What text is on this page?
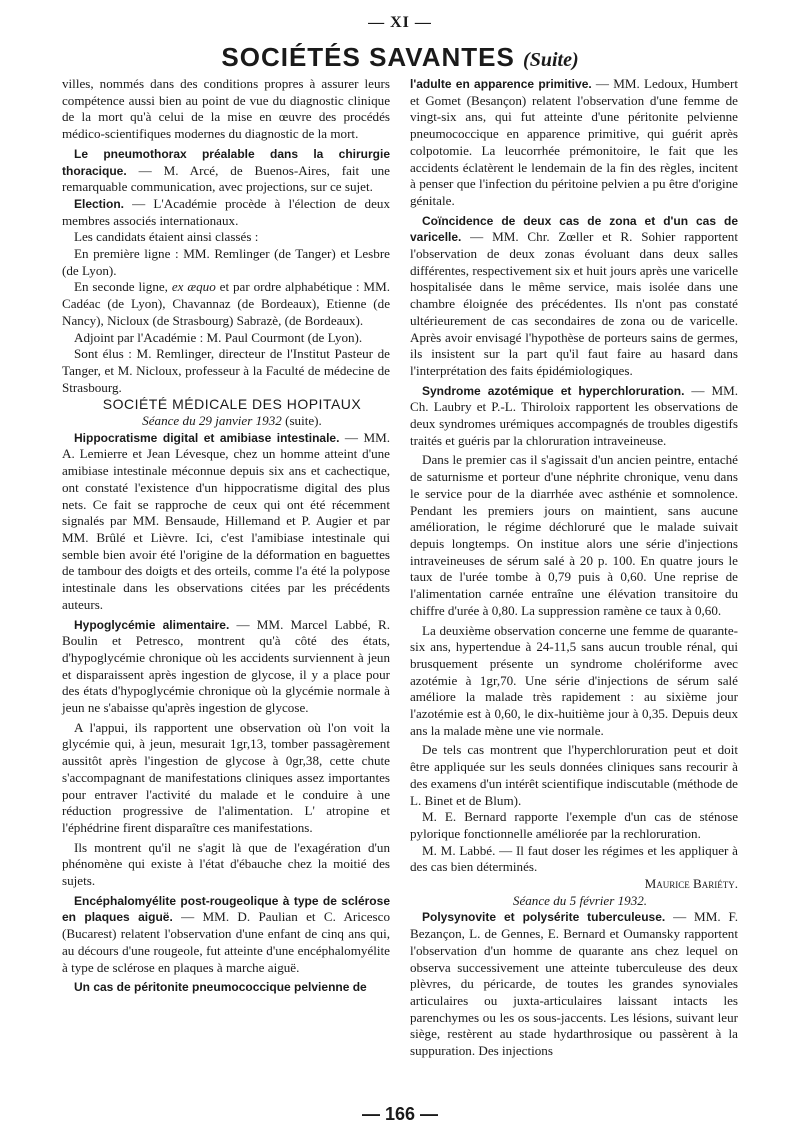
— XI —
SOCIÉTÉS SAVANTES (Suite)

villes, nommés dans des conditions propres à assurer leurs compétence aussi bien au point de vue du diagnostic clinique de la mort qu'à celui de la mise en œuvre des procédés médico-scientifiques modernes du diagnostic de la mort.

Le pneumothorax préalable dans la chirurgie thoracique. — M. Arcé, de Buenos-Aires, fait une remarquable communication, avec projections, sur ce sujet.

Election. — L'Académie procède à l'élection de deux membres associés internationaux.

Les candidats étaient ainsi classés :

En première ligne : MM. Remlinger (de Tanger) et Lesbre (de Lyon).

En seconde ligne, ex æquo et par ordre alphabétique : MM. Cadéac (de Lyon), Chavannaz (de Bordeaux), Etienne (de Nancy), Nicloux (de Strasbourg) Sabrazè, (de Bordeaux).

Adjoint par l'Académie : M. Paul Courmont (de Lyon).

Sont élus : M. Remlinger, directeur de l'Institut Pasteur de Tanger, et M. Nicloux, professeur à la Faculté de médecine de Strasbourg.

SOCIÉTÉ MÉDICALE DES HOPITAUX

Séance du 29 janvier 1932 (suite).

Hippocratisme digital et amibiase intestinale. — MM. A. Lemierre et Jean Lévesque, chez un homme atteint d'une amibiase intestinale méconnue depuis six ans et cachectique, ont constaté l'existence d'un hippocratisme digital des plus nets. Ce fait se rapproche de ceux qui ont été récemment signalés par MM. Bensaude, Hillemand et P. Augier et par MM. Brûlé et Lièvre. Ici, c'est l'amibiase intestinale qui semble bien avoir été l'origine de la déformation en baguettes de tambour des doigts et des orteils, comme l'a été la polypose intestinale dans les observations citées par les précédents auteurs.

Hypoglycémie alimentaire. — MM. Marcel Labbé, R. Boulin et Petresco, montrent qu'à côté des états, d'hypoglycémie chronique où les accidents surviennent à jeun et disparaissent après ingestion de glycose, il y a place pour des états d'hypoglycémie chronique où la glycémie normale à jeun ne s'abaisse qu'après ingestion de glycose.

A l'appui, ils rapportent une observation où l'on voit la glycémie qui, à jeun, mesurait 1gr,13, tomber passagèrement aussitôt après l'ingestion de glycose à 0gr,38, cette chute s'accompagnant de manifestations cliniques assez importantes pour entraver l'activité du malade et le conduire à une réduction progressive de l'alimentation. L' atropine et l'éphédrine firent disparaître ces manifestations.

Ils montrent qu'il ne s'agit là que de l'exagération d'un phénomène qui existe à l'état d'ébauche chez la moitié des sujets.

Encéphalomyélite post-rougeolique à type de sclérose en plaques aiguë. — MM. D. Paulian et C. Aricesco (Bucarest) relatent l'observation d'une enfant de cinq ans qui, au décours d'une rougeole, fut atteinte d'une encéphalomyélite à type de sclérose en plaques à marche aiguë.

Un cas de péritonite pneumococcique pelvienne de

l'adulte en apparence primitive. — MM. Ledoux, Humbert et Gomet (Besançon) relatent l'observation d'une femme de vingt-six ans, qui fut atteinte d'une péritonite pelvienne pneumococcique en apparence primitive, qui guérit après colpotomie. La leucorrhée prémonitoire, le fait que les accidents éclatèrent le lendemain de la fin des règles, incitent à penser que l'infection du péritoine pelvien a pu être d'origine génitale.

Coïncidence de deux cas de zona et d'un cas de varicelle. — MM. Chr. Zœller et R. Sohier rapportent l'observation de deux zonas évoluant dans deux salles différentes, respectivement six et huit jours après une varicelle hospitalisée dans le même service, mais isolée dans une chambre éloignée des précédentes. Ils n'ont pas constaté ultérieurement de cas secondaires de zona ou de varicelle. Après avoir envisagé l'hypothèse de porteurs sains de germes, ils insistent sur la part qu'il faut faire au hasard dans l'interprétation des faits épidémiologiques.

Syndrome azotémique et hyperchloruration. — MM. Ch. Laubry et P.-L. Thiroloix rapportent les observations de deux syndromes urémiques accompagnés de troubles digestifs traités et guéris par la chloruration intraveineuse.

Dans le premier cas il s'agissait d'un ancien peintre, entaché de saturnisme et porteur d'une néphrite chronique, venu dans le service pour de la diarrhée avec asthénie et somnolence. Pendant les premiers jours on maintient, sans aucune amélioration, le régime déchloruré que le malade suivait depuis longtemps. On institue alors une série d'injections intraveineuses de sérum salé à 20 p. 100. En quatre jours le taux de l'urée tombe à 0,79 puis à 0,60. Une reprise de l'alimentation carnée entraîne une élévation transitoire du chiffre d'urée à 0,80. La suppression ramène ce taux à 0,60.

La deuxième observation concerne une femme de quarante-six ans, hypertendue à 24-11,5 sans aucun trouble rénal, qui brusquement présente un syndrome cholériforme avec azotémie à 1gr,70. Une série d'injections de sérum salé améliore la malade très rapidement : au sixième jour l'azotémie est à 0,60, le dix-huitième jour à 0,35. Depuis deux ans la malade mène une vie normale.

De tels cas montrent que l'hyperchloruration peut et doit être appliquée sur les seuls données cliniques sans recourir à des examens d'un intérêt scientifique indiscutable (méthode de L. Binet et de Blum).

M. E. Bernard rapporte l'exemple d'un cas de sténose pylorique fonctionnelle améliorée par la rechloruration.

M. M. Labbé. — Il faut doser les régimes et les appliquer à des cas bien déterminés.

Maurice Bariéty.

Séance du 5 février 1932.

Polysynovite et polysérite tuberculeuse. — MM. F. Bezançon, L. de Gennes, E. Bernard et Oumansky rapportent l'observation d'un homme de quarante ans chez lequel on observa successivement une atteinte tuberculeuse des deux plèvres, du péricarde, de toutes les grandes synoviales articulaires ou juxta-articulaires laissant intacts les parenchymes ou les os sous-jaccents. Les lésions, suivant leur siège, restèrent au stade hydarthrosique ou passèrent à la suppuration. Des injections

— 166 —
